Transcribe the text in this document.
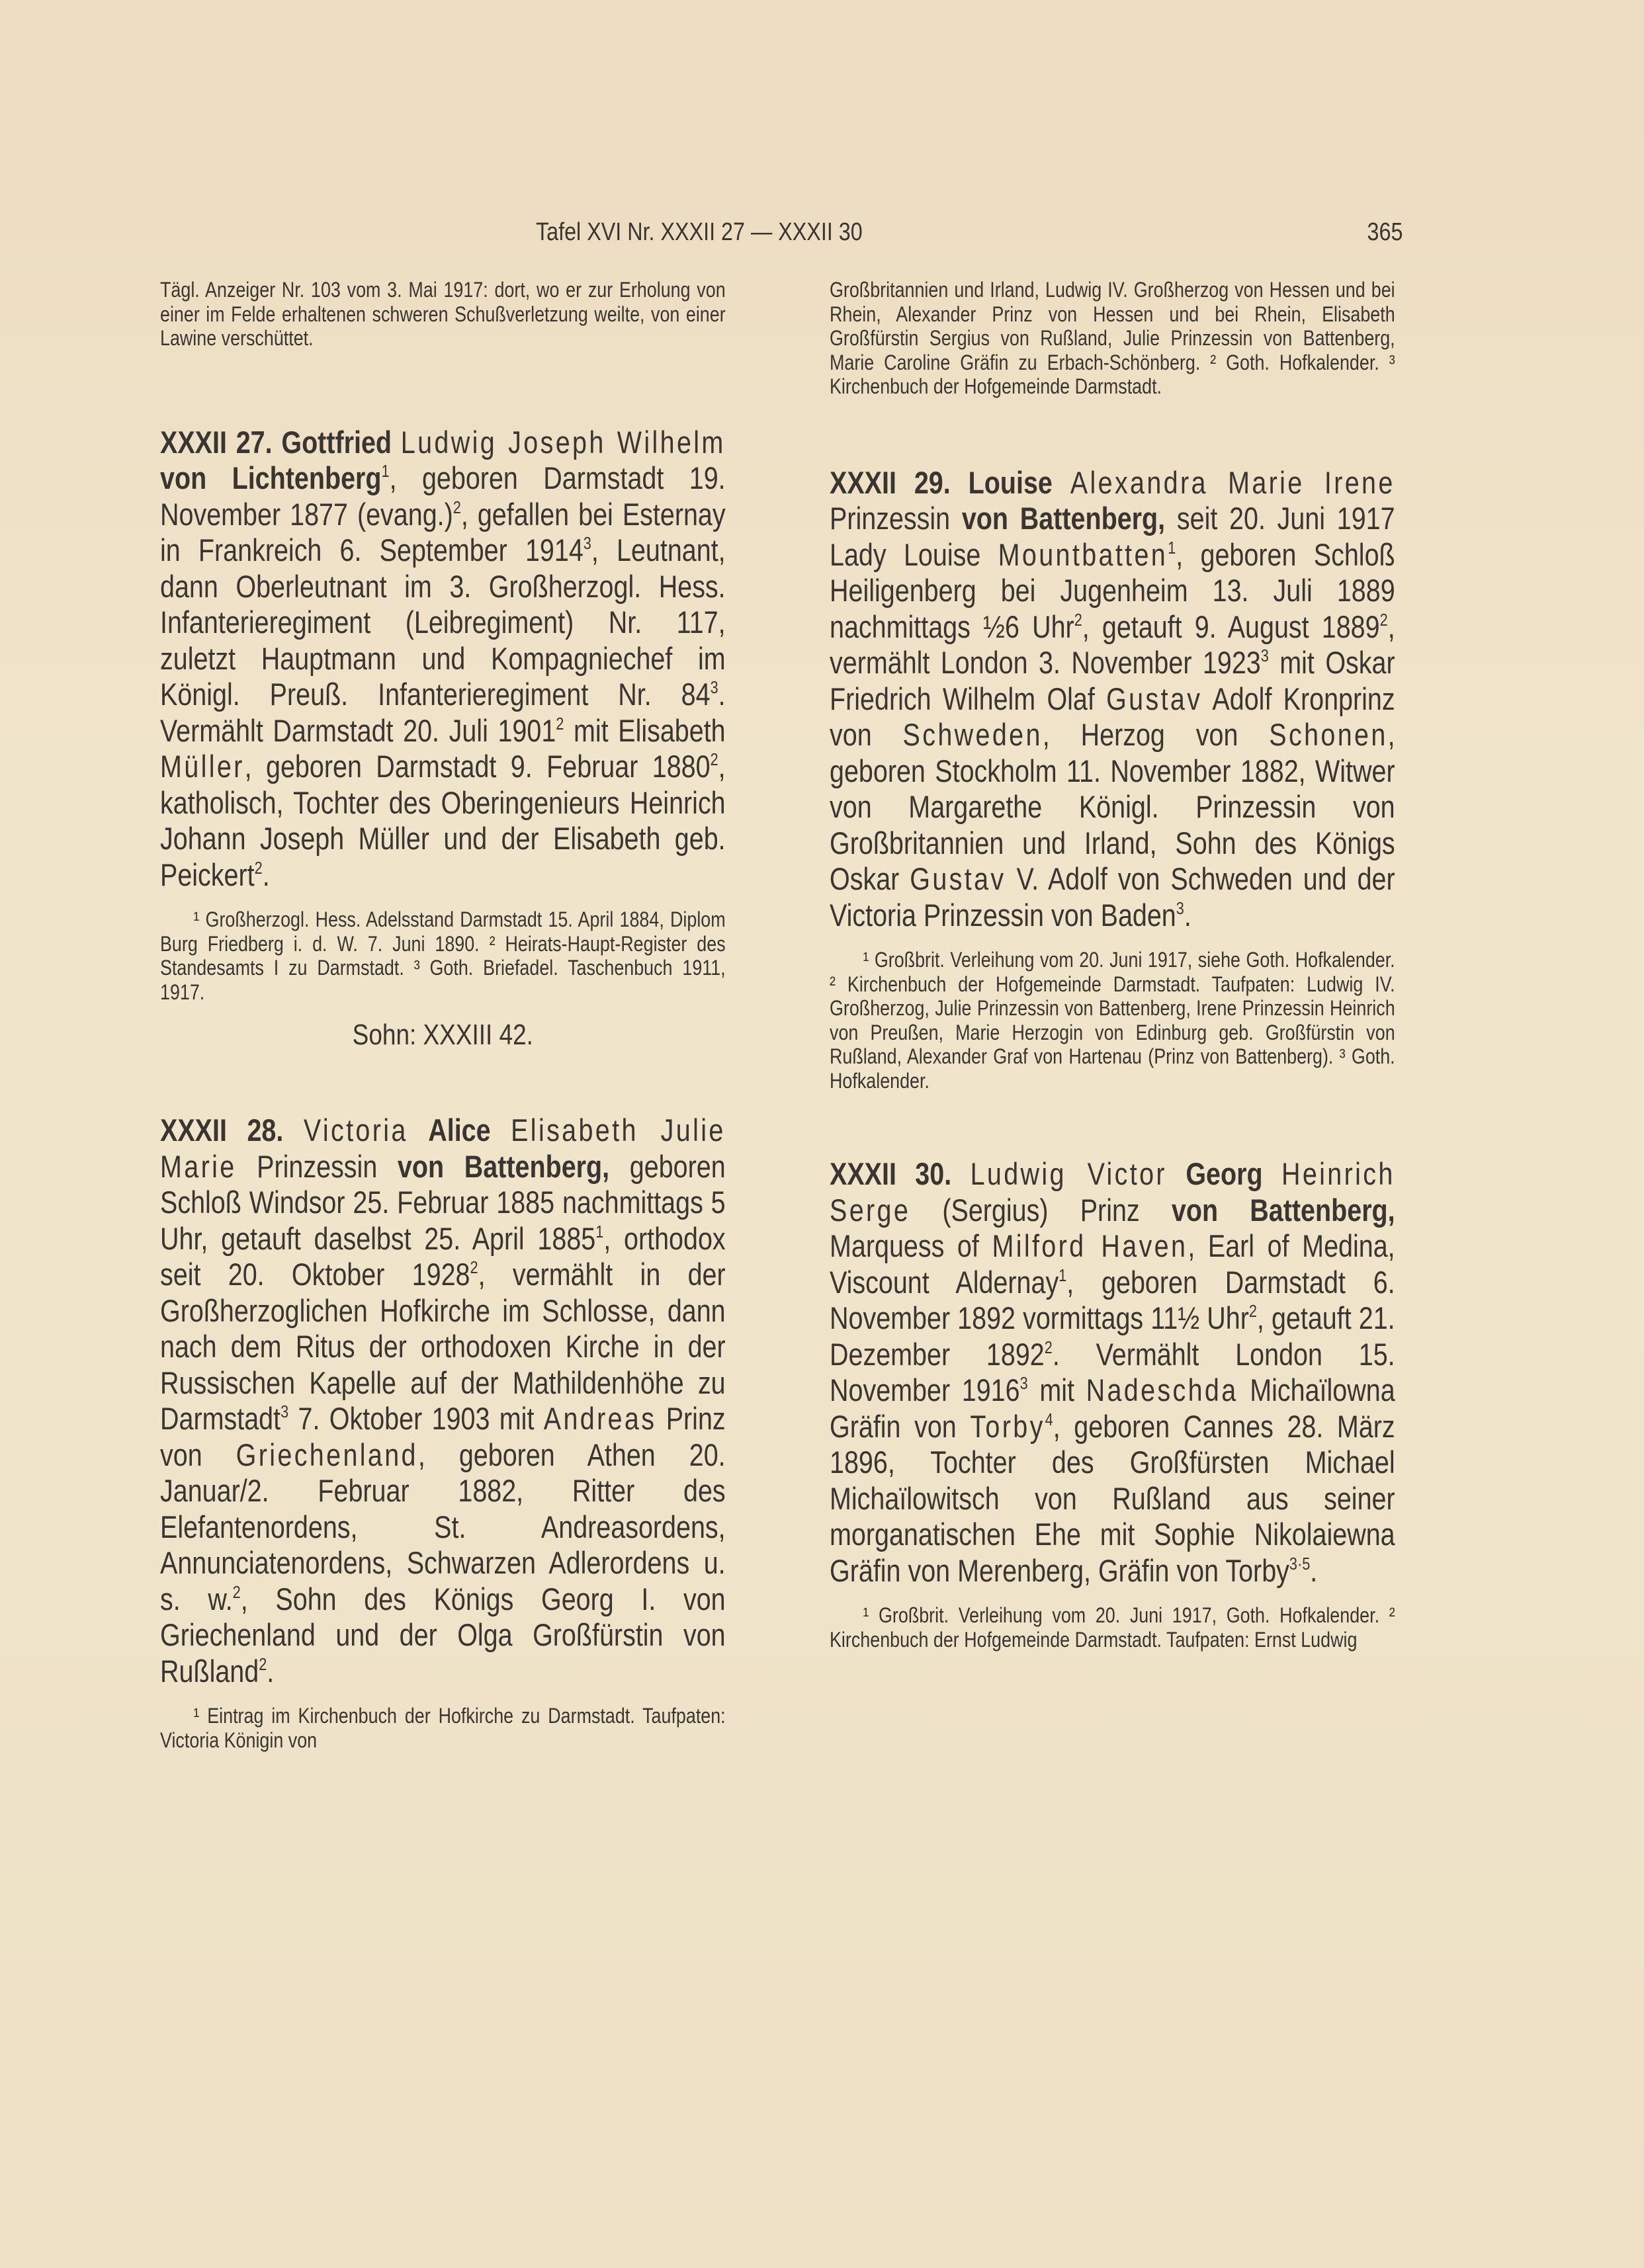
Tafel XVI Nr. XXXII 27 — XXXII 30	365

Tägl. Anzeiger Nr. 103 vom 3. Mai 1917: dort, wo er zur Erholung von einer im Felde erhaltenen schweren Schußverletzung weilte, von einer Lawine verschüttet.

XXXII 27. Gottfried Ludwig Joseph Wilhelm von Lichtenberg$^1$, geboren Darmstadt 19. November 1877 (evang.)$^2$, gefallen bei Esternay in Frankreich 6. September 1914$^3$, Leutnant, dann Oberleutnant im 3. Großherzogl. Hess. Infanterieregiment (Leibregiment) Nr. 117, zuletzt Hauptmann und Kompagniechef im Königl. Preuß. Infanterieregiment Nr. $84^3$. Vermählt Darmstadt 20. Juli 1901$^2$ mit Elisabeth Müller, geboren Darmstadt 9. Februar 1880$^2$, katholisch, Tochter des Oberingenieurs Heinrich Johann Joseph Müller und der Elisabeth geb. Peickert$^2$.

¹ Großherzogl. Hess. Adelsstand Darmstadt 15. April 1884, Diplom Burg Friedberg i. d. W. 7. Juni 1890. ² Heirats-Haupt-Register des Standesamts I zu Darmstadt. ³ Goth. Briefadel. Taschenbuch 1911, 1917.

Sohn: XXXIII 42.

XXXII 28. Victoria Alice Elisabeth Julie Marie Prinzessin von Battenberg, geboren Schloß Windsor 25. Februar 1885 nachmittags 5 Uhr, getauft daselbst 25. April 1885$^1$, orthodox seit 20. Oktober 1928$^2$, vermählt in der Großherzoglichen Hofkirche im Schlosse, dann nach dem Ritus der orthodoxen Kirche in der Russischen Kapelle auf der Mathildenhöhe zu Darmstadt$^3$ 7. Oktober 1903 mit Andreas Prinz von Griechenland, geboren Athen 20. Januar/2. Februar 1882, Ritter des Elefantenordens, St. Andreasordens, Annunciatenordens, Schwarzen Adlerordens u. s. w.$^2$, Sohn des Königs Georg I. von Griechenland und der Olga Großfürstin von Rußland$^2$.

¹ Eintrag im Kirchenbuch der Hofkirche zu Darmstadt. Taufpaten: Victoria Königin von

Großbritannien und Irland, Ludwig IV. Großherzog von Hessen und bei Rhein, Alexander Prinz von Hessen und bei Rhein, Elisabeth Großfürstin Sergius von Rußland, Julie Prinzessin von Battenberg, Marie Caroline Gräfin zu Erbach-Schönberg. ² Goth. Hofkalender. ³ Kirchenbuch der Hofgemeinde Darmstadt.

XXXII 29. Louise Alexandra Marie Irene Prinzessin von Battenberg, seit 20. Juni 1917 Lady Louise Mountbatten$^1$, geboren Schloß Heiligenberg bei Jugenheim 13. Juli 1889 nachmittags ½6 Uhr$^2$, getauft 9. August 1889$^2$, vermählt London 3. November 1923$^3$ mit Oskar Friedrich Wilhelm Olaf Gustav Adolf Kronprinz von Schweden, Herzog von Schonen, geboren Stockholm 11. November 1882, Witwer von Margarethe Königl. Prinzessin von Großbritannien und Irland, Sohn des Königs Oskar Gustav V. Adolf von Schweden und der Victoria Prinzessin von Baden$^3$.

¹ Großbrit. Verleihung vom 20. Juni 1917, siehe Goth. Hofkalender. ² Kirchenbuch der Hofgemeinde Darmstadt. Taufpaten: Ludwig IV. Großherzog, Julie Prinzessin von Battenberg, Irene Prinzessin Heinrich von Preußen, Marie Herzogin von Edinburg geb. Großfürstin von Rußland, Alexander Graf von Hartenau (Prinz von Battenberg). ³ Goth. Hofkalender.

XXXII 30. Ludwig Victor Georg Heinrich Serge (Sergius) Prinz von Battenberg, Marquess of Milford Haven, Earl of Medina, Viscount Aldernay$^1$, geboren Darmstadt 6. November 1892 vormittags 11½ Uhr$^2$, getauft 21. Dezember 1892$^2$. Vermählt London 15. November 1916$^3$ mit Nadeschda Michaïlowna Gräfin von Torby$^4$, geboren Cannes 28. März 1896, Tochter des Großfürsten Michael Michaïlowitsch von Rußland aus seiner morganatischen Ehe mit Sophie Nikolaiewna Gräfin von Merenberg, Gräfin von Torby$^{3\cdot 5}$.

¹ Großbrit. Verleihung vom 20. Juni 1917, Goth. Hofkalender. ² Kirchenbuch der Hofgemeinde Darmstadt. Taufpaten: Ernst Ludwig
